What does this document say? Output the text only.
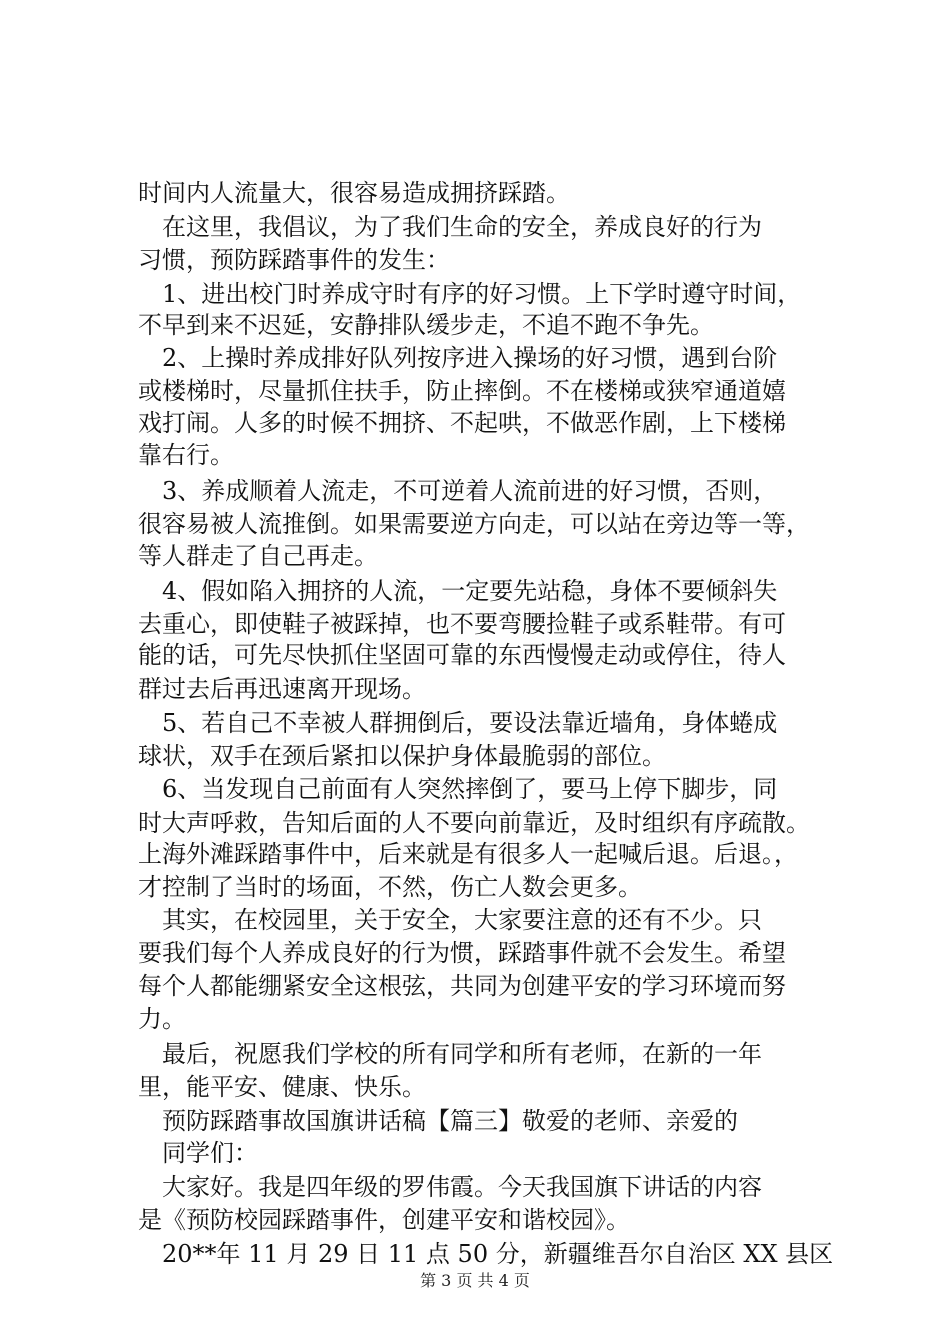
时间内人流量大，很容易造成拥挤踩踏。
　在这里，我倡议，为了我们生命的安全，养成良好的行为
习惯，预防踩踏事件的发生：
　1、进出校门时养成守时有序的好习惯。上下学时遵守时间，
不早到来不迟延，安静排队缓步走，不追不跑不争先。
　2、上操时养成排好队列按序进入操场的好习惯，遇到台阶
或楼梯时，尽量抓住扶手，防止摔倒。不在楼梯或狭窄通道嬉
戏打闹。人多的时候不拥挤、不起哄，不做恶作剧，上下楼梯
靠右行。
　3、养成顺着人流走，不可逆着人流前进的好习惯，否则，
很容易被人流推倒。如果需要逆方向走，可以站在旁边等一等，
等人群走了自己再走。
　4、假如陷入拥挤的人流，一定要先站稳，身体不要倾斜失
去重心，即使鞋子被踩掉，也不要弯腰捡鞋子或系鞋带。有可
能的话，可先尽快抓住坚固可靠的东西慢慢走动或停住，待人
群过去后再迅速离开现场。
　5、若自己不幸被人群拥倒后，要设法靠近墙角，身体蜷成
球状，双手在颈后紧扣以保护身体最脆弱的部位。
　6、当发现自己前面有人突然摔倒了，要马上停下脚步，同
时大声呼救，告知后面的人不要向前靠近，及时组织有序疏散。
上海外滩踩踏事件中，后来就是有很多人一起喊后退。后退。，
才控制了当时的场面，不然，伤亡人数会更多。
　其实，在校园里，关于安全，大家要注意的还有不少。只
要我们每个人养成良好的行为惯，踩踏事件就不会发生。希望
每个人都能绷紧安全这根弦，共同为创建平安的学习环境而努
力。
　最后，祝愿我们学校的所有同学和所有老师，在新的一年
里，能平安、健康、快乐。
　预防踩踏事故国旗讲话稿【篇三】敬爱的老师、亲爱的
　同学们：
　大家好。我是四年级的罗伟霞。今天我国旗下讲话的内容
是《预防校园踩踏事件，创建平安和谐校园》。
　20**年 11 月 29 日 11 点 50 分，新疆维吾尔自治区 XX 县区
第 3 页 共 4 页
